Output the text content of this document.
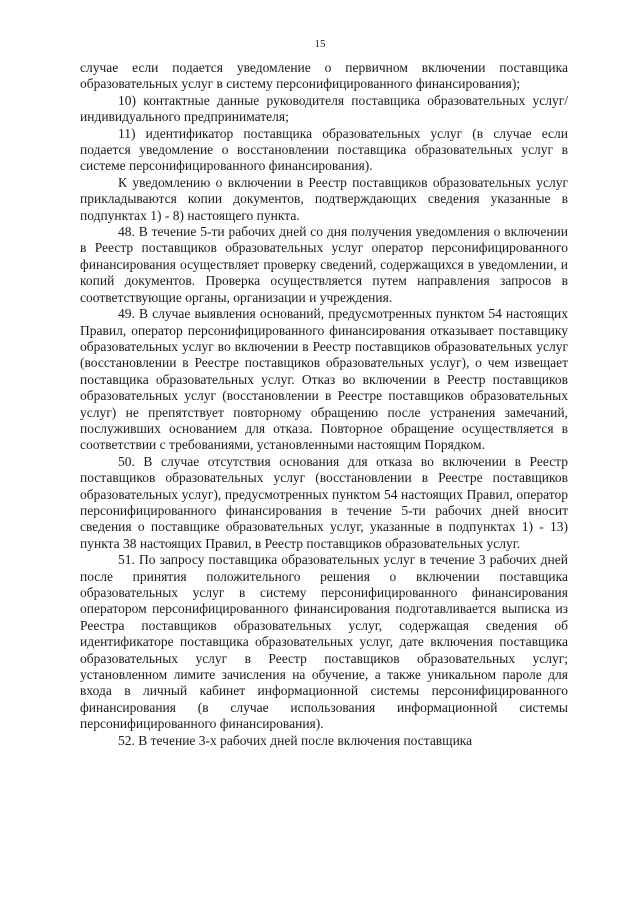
15

случае если подается уведомление о первичном включении поставщика образовательных услуг в систему персонифицированного финансирования);

10) контактные данные руководителя поставщика образовательных услуг/ индивидуального предпринимателя;

11) идентификатор поставщика образовательных услуг (в случае если подается уведомление о восстановлении поставщика образовательных услуг в системе персонифицированного финансирования).

К уведомлению о включении в Реестр поставщиков образовательных услуг прикладываются копии документов, подтверждающих сведения указанные в подпунктах 1) - 8) настоящего пункта.

48. В течение 5-ти рабочих дней со дня получения уведомления о включении в Реестр поставщиков образовательных услуг оператор персонифицированного финансирования осуществляет проверку сведений, содержащихся в уведомлении, и копий документов. Проверка осуществляется путем направления запросов в соответствующие органы, организации и учреждения.

49. В случае выявления оснований, предусмотренных пунктом 54 настоящих Правил, оператор персонифицированного финансирования отказывает поставщику образовательных услуг во включении в Реестр поставщиков образовательных услуг (восстановлении в Реестре поставщиков образовательных услуг), о чем извещает поставщика образовательных услуг. Отказ во включении в Реестр поставщиков образовательных услуг (восстановлении в Реестре поставщиков образовательных услуг) не препятствует повторному обращению после устранения замечаний, послуживших основанием для отказа. Повторное обращение осуществляется в соответствии с требованиями, установленными настоящим Порядком.

50. В случае отсутствия основания для отказа во включении в Реестр поставщиков образовательных услуг (восстановлении в Реестре поставщиков образовательных услуг), предусмотренных пунктом 54 настоящих Правил, оператор персонифицированного финансирования в течение 5-ти рабочих дней вносит сведения о поставщике образовательных услуг, указанные в подпунктах 1) - 13) пункта 38 настоящих Правил, в Реестр поставщиков образовательных услуг.

51. По запросу поставщика образовательных услуг в течение 3 рабочих дней после принятия положительного решения о включении поставщика образовательных услуг в систему персонифицированного финансирования оператором персонифицированного финансирования подготавливается выписка из Реестра поставщиков образовательных услуг, содержащая сведения об идентификаторе поставщика образовательных услуг, дате включения поставщика образовательных услуг в Реестр поставщиков образовательных услуг; установленном лимите зачисления на обучение, а также уникальном пароле для входа в личный кабинет информационной системы персонифицированного финансирования (в случае использования информационной системы персонифицированного финансирования).

52. В течение 3-х рабочих дней после включения поставщика
